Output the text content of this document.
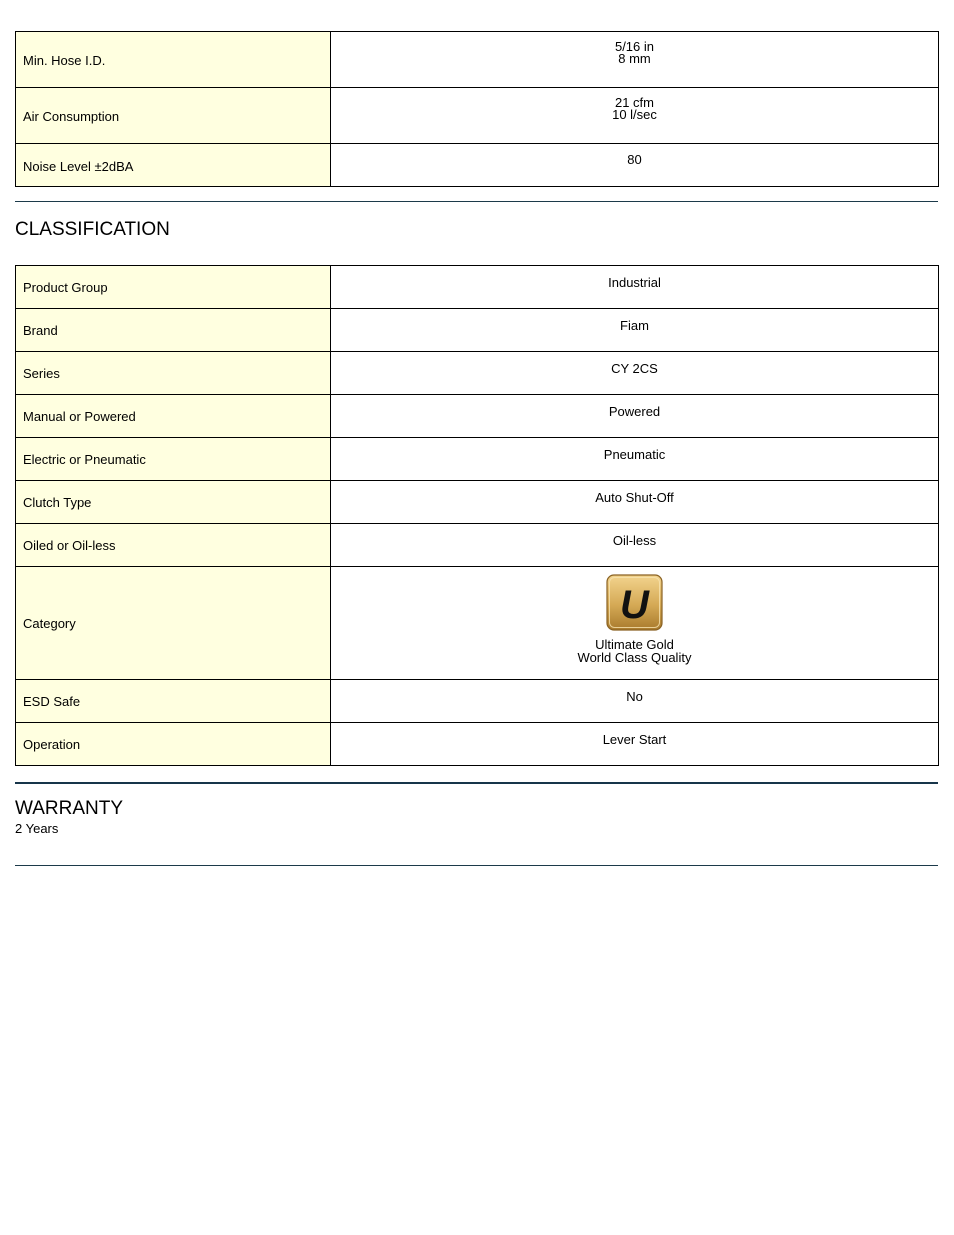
Min. Hose I.D.	5/16 in
8 mm

Air Consumption	21 cfm
10 l/sec

Noise Level ±2dBA	80
CLASSIFICATION
Product Group	Industrial
Brand	Fiam
Series	CY 2CS
Manual or Powered	Powered
Electric or Pneumatic	Pneumatic
Clutch Type	Auto Shut-Off
Oiled or Oil-less	Oil-less
Category	U
Ultimate Gold
World Class Quality

ESD Safe	No
Operation	Lever Start
WARRANTY
2 Years
